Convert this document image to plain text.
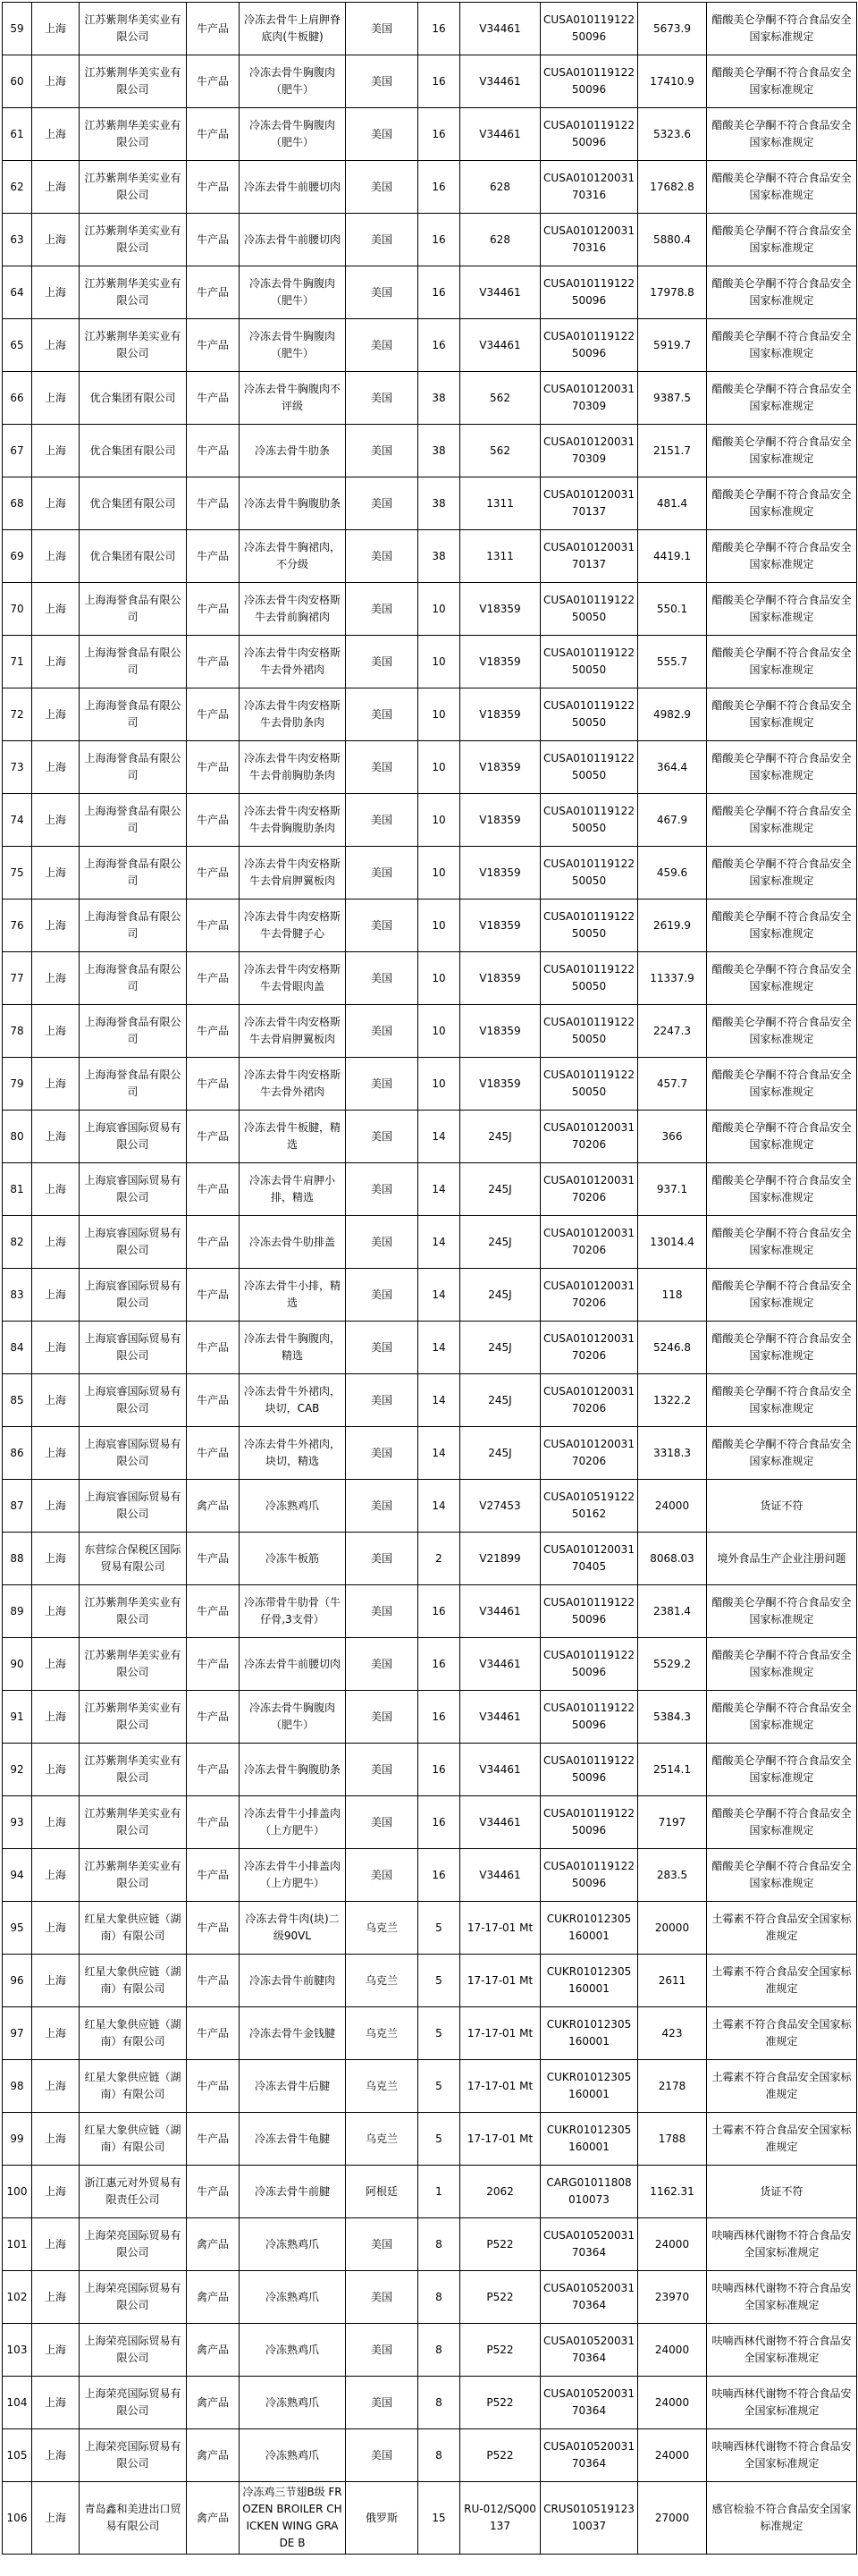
59	上海	江苏紫荆华美实业有限公司	牛产品	冷冻去骨牛上肩胛脊底肉(牛板腱)	美国	16	V34461	CUSA01011912250096	5673.9	醋酸美仑孕酮不符合食品安全国家标准规定
60	上海	江苏紫荆华美实业有限公司	牛产品	冷冻去骨牛胸腹肉（肥牛）	美国	16	V34461	CUSA01011912250096	17410.9	醋酸美仑孕酮不符合食品安全国家标准规定
61	上海	江苏紫荆华美实业有限公司	牛产品	冷冻去骨牛胸腹肉（肥牛）	美国	16	V34461	CUSA01011912250096	5323.6	醋酸美仑孕酮不符合食品安全国家标准规定
62	上海	江苏紫荆华美实业有限公司	牛产品	冷冻去骨牛前腰切肉	美国	16	628	CUSA01012003170316	17682.8	醋酸美仑孕酮不符合食品安全国家标准规定
63	上海	江苏紫荆华美实业有限公司	牛产品	冷冻去骨牛前腰切肉	美国	16	628	CUSA01012003170316	5880.4	醋酸美仑孕酮不符合食品安全国家标准规定
64	上海	江苏紫荆华美实业有限公司	牛产品	冷冻去骨牛胸腹肉（肥牛）	美国	16	V34461	CUSA01011912250096	17978.8	醋酸美仑孕酮不符合食品安全国家标准规定
65	上海	江苏紫荆华美实业有限公司	牛产品	冷冻去骨牛胸腹肉（肥牛）	美国	16	V34461	CUSA01011912250096	5919.7	醋酸美仑孕酮不符合食品安全国家标准规定
66	上海	优合集团有限公司	牛产品	冷冻去骨牛胸腹肉不评级	美国	38	562	CUSA01012003170309	9387.5	醋酸美仑孕酮不符合食品安全国家标准规定
67	上海	优合集团有限公司	牛产品	冷冻去骨牛肋条	美国	38	562	CUSA01012003170309	2151.7	醋酸美仑孕酮不符合食品安全国家标准规定
68	上海	优合集团有限公司	牛产品	冷冻去骨牛胸腹肋条	美国	38	1311	CUSA01012003170137	481.4	醋酸美仑孕酮不符合食品安全国家标准规定
69	上海	优合集团有限公司	牛产品	冷冻去骨牛胸裙肉，不分级	美国	38	1311	CUSA01012003170137	4419.1	醋酸美仑孕酮不符合食品安全国家标准规定
70	上海	上海海誉食品有限公司	牛产品	冷冻去骨牛肉安格斯牛去骨前胸裙肉	美国	10	V18359	CUSA01011912250050	550.1	醋酸美仑孕酮不符合食品安全国家标准规定
71	上海	上海海誉食品有限公司	牛产品	冷冻去骨牛肉安格斯牛去骨外裙肉	美国	10	V18359	CUSA01011912250050	555.7	醋酸美仑孕酮不符合食品安全国家标准规定
72	上海	上海海誉食品有限公司	牛产品	冷冻去骨牛肉安格斯牛去骨肋条肉	美国	10	V18359	CUSA01011912250050	4982.9	醋酸美仑孕酮不符合食品安全国家标准规定
73	上海	上海海誉食品有限公司	牛产品	冷冻去骨牛肉安格斯牛去骨前胸肋条肉	美国	10	V18359	CUSA01011912250050	364.4	醋酸美仑孕酮不符合食品安全国家标准规定
74	上海	上海海誉食品有限公司	牛产品	冷冻去骨牛肉安格斯牛去骨胸腹肋条肉	美国	10	V18359	CUSA01011912250050	467.9	醋酸美仑孕酮不符合食品安全国家标准规定
75	上海	上海海誉食品有限公司	牛产品	冷冻去骨牛肉安格斯牛去骨肩胛翼板肉	美国	10	V18359	CUSA01011912250050	459.6	醋酸美仑孕酮不符合食品安全国家标准规定
76	上海	上海海誉食品有限公司	牛产品	冷冻去骨牛肉安格斯牛去骨腱子心	美国	10	V18359	CUSA01011912250050	2619.9	醋酸美仑孕酮不符合食品安全国家标准规定
77	上海	上海海誉食品有限公司	牛产品	冷冻去骨牛肉安格斯牛去骨眼肉盖	美国	10	V18359	CUSA01011912250050	11337.9	醋酸美仑孕酮不符合食品安全国家标准规定
78	上海	上海海誉食品有限公司	牛产品	冷冻去骨牛肉安格斯牛去骨肩胛翼板肉	美国	10	V18359	CUSA01011912250050	2247.3	醋酸美仑孕酮不符合食品安全国家标准规定
79	上海	上海海誉食品有限公司	牛产品	冷冻去骨牛肉安格斯牛去骨外裙肉	美国	10	V18359	CUSA01011912250050	457.7	醋酸美仑孕酮不符合食品安全国家标准规定
80	上海	上海宸睿国际贸易有限公司	牛产品	冷冻去骨牛板腱，精选	美国	14	245J	CUSA01012003170206	366	醋酸美仑孕酮不符合食品安全国家标准规定
81	上海	上海宸睿国际贸易有限公司	牛产品	冷冻去骨牛肩胛小排，精选	美国	14	245J	CUSA01012003170206	937.1	醋酸美仑孕酮不符合食品安全国家标准规定
82	上海	上海宸睿国际贸易有限公司	牛产品	冷冻去骨牛肋排盖	美国	14	245J	CUSA01012003170206	13014.4	醋酸美仑孕酮不符合食品安全国家标准规定
83	上海	上海宸睿国际贸易有限公司	牛产品	冷冻去骨牛小排，精选	美国	14	245J	CUSA01012003170206	118	醋酸美仑孕酮不符合食品安全国家标准规定
84	上海	上海宸睿国际贸易有限公司	牛产品	冷冻去骨牛胸腹肉，精选	美国	14	245J	CUSA01012003170206	5246.8	醋酸美仑孕酮不符合食品安全国家标准规定
85	上海	上海宸睿国际贸易有限公司	牛产品	冷冻去骨牛外裙肉，块切，CAB	美国	14	245J	CUSA01012003170206	1322.2	醋酸美仑孕酮不符合食品安全国家标准规定
86	上海	上海宸睿国际贸易有限公司	牛产品	冷冻去骨牛外裙肉，块切，精选	美国	14	245J	CUSA01012003170206	3318.3	醋酸美仑孕酮不符合食品安全国家标准规定
87	上海	上海宸睿国际贸易有限公司	禽产品	冷冻熟鸡爪	美国	14	V27453	CUSA01051912250162	24000	货证不符
88	上海	东营综合保税区国际贸易有限公司	牛产品	冷冻牛板筋	美国	2	V21899	CUSA01012003170405	8068.03	境外食品生产企业注册问题
89	上海	江苏紫荆华美实业有限公司	牛产品	冷冻带骨牛肋骨（牛仔骨,3支骨）	美国	16	V34461	CUSA01011912250096	2381.4	醋酸美仑孕酮不符合食品安全国家标准规定
90	上海	江苏紫荆华美实业有限公司	牛产品	冷冻去骨牛前腰切肉	美国	16	V34461	CUSA01011912250096	5529.2	醋酸美仑孕酮不符合食品安全国家标准规定
91	上海	江苏紫荆华美实业有限公司	牛产品	冷冻去骨牛胸腹肉（肥牛）	美国	16	V34461	CUSA01011912250096	5384.3	醋酸美仑孕酮不符合食品安全国家标准规定
92	上海	江苏紫荆华美实业有限公司	牛产品	冷冻去骨牛胸腹肋条	美国	16	V34461	CUSA01011912250096	2514.1	醋酸美仑孕酮不符合食品安全国家标准规定
93	上海	江苏紫荆华美实业有限公司	牛产品	冷冻去骨牛小排盖肉（上方肥牛）	美国	16	V34461	CUSA01011912250096	7197	醋酸美仑孕酮不符合食品安全国家标准规定
94	上海	江苏紫荆华美实业有限公司	牛产品	冷冻去骨牛小排盖肉（上方肥牛）	美国	16	V34461	CUSA01011912250096	283.5	醋酸美仑孕酮不符合食品安全国家标准规定
95	上海	红星大象供应链（湖南）有限公司	牛产品	冷冻去骨牛肉(块)二级90VL	乌克兰	5	17-17-01 Mt	CUKR01012305160001	20000	土霉素不符合食品安全国家标准规定
96	上海	红星大象供应链（湖南）有限公司	牛产品	冷冻去骨牛前腱肉	乌克兰	5	17-17-01 Mt	CUKR01012305160001	2611	土霉素不符合食品安全国家标准规定
97	上海	红星大象供应链（湖南）有限公司	牛产品	冷冻去骨牛金钱腱	乌克兰	5	17-17-01 Mt	CUKR01012305160001	423	土霉素不符合食品安全国家标准规定
98	上海	红星大象供应链（湖南）有限公司	牛产品	冷冻去骨牛后腱	乌克兰	5	17-17-01 Mt	CUKR01012305160001	2178	土霉素不符合食品安全国家标准规定
99	上海	红星大象供应链（湖南）有限公司	牛产品	冷冻去骨牛龟腱	乌克兰	5	17-17-01 Mt	CUKR01012305160001	1788	土霉素不符合食品安全国家标准规定
100	上海	浙江惠元对外贸易有限责任公司	牛产品	冷冻去骨牛前腱	阿根廷	1	2062	CARG01011808010073	1162.31	货证不符
101	上海	上海荣亮国际贸易有限公司	禽产品	冷冻熟鸡爪	美国	8	P522	CUSA01052003170364	24000	呋喃西林代谢物不符合食品安全国家标准规定
102	上海	上海荣亮国际贸易有限公司	禽产品	冷冻熟鸡爪	美国	8	P522	CUSA01052003170364	23970	呋喃西林代谢物不符合食品安全国家标准规定
103	上海	上海荣亮国际贸易有限公司	禽产品	冷冻熟鸡爪	美国	8	P522	CUSA01052003170364	24000	呋喃西林代谢物不符合食品安全国家标准规定
104	上海	上海荣亮国际贸易有限公司	禽产品	冷冻熟鸡爪	美国	8	P522	CUSA01052003170364	24000	呋喃西林代谢物不符合食品安全国家标准规定
105	上海	上海荣亮国际贸易有限公司	禽产品	冷冻熟鸡爪	美国	8	P522	CUSA01052003170364	24000	呋喃西林代谢物不符合食品安全国家标准规定
106	上海	青岛鑫和美进出口贸易有限公司	禽产品	冷冻鸡三节翅B级 FROZEN BROILER CHICKEN WING GRADE B	俄罗斯	15	RU-012/SQ00137	CRUS01051912310037	27000	感官检验不符合食品安全国家标准规定
